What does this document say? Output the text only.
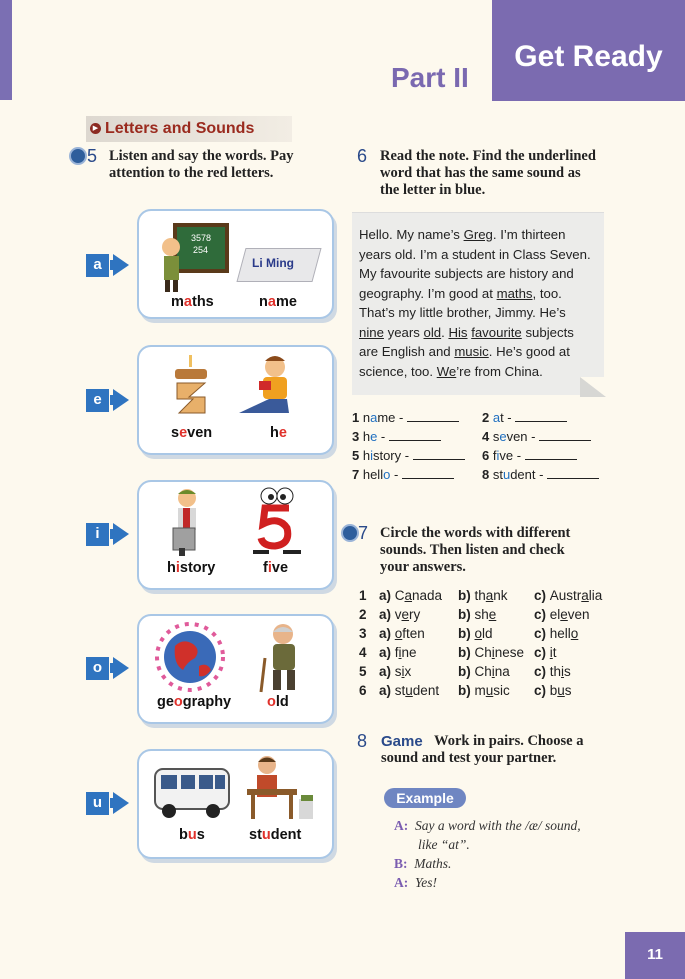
Get Ready
Part II
▶ Letters and Sounds
5 Listen and say the words. Pay
attention to the red letters.
a
3578
254
Li Ming
maths	name
e
seven	he
i
history	five
o
geography old
u
bus	student
6 Read the note. Find the underlined
word that has the same sound as
the letter in blue.
Hello. My name’s Greg. I’m thirteen
years old. I’m a student in Class Seven.
My favourite subjects are history and
geography. I’m good at maths, too.
That’s my little brother, Jimmy. He’s
nine years old. His favourite subjects
are English and music. He’s good at
science, too. We’re from China.
1 name -	2 at -
3 he -	4 seven -
5 history -	6 five -
7 hello -	8 student -
7 Circle the words with different
sounds. Then listen and check
your answers.
1 a) Canada b) thank c) Australia
2 a) very	b) she	c) eleven
3 a) often b) old	c) hello
4 a) fine	b) Chinese c) it
5 a) six	b) China c) this
6 a) student b) music c) bus
8 Game Work in pairs. Choose a
sound and test your partner.
Example
A: Say a word with the /æ/ sound,
like “at”.
B: Maths.
A: Yes!
11
